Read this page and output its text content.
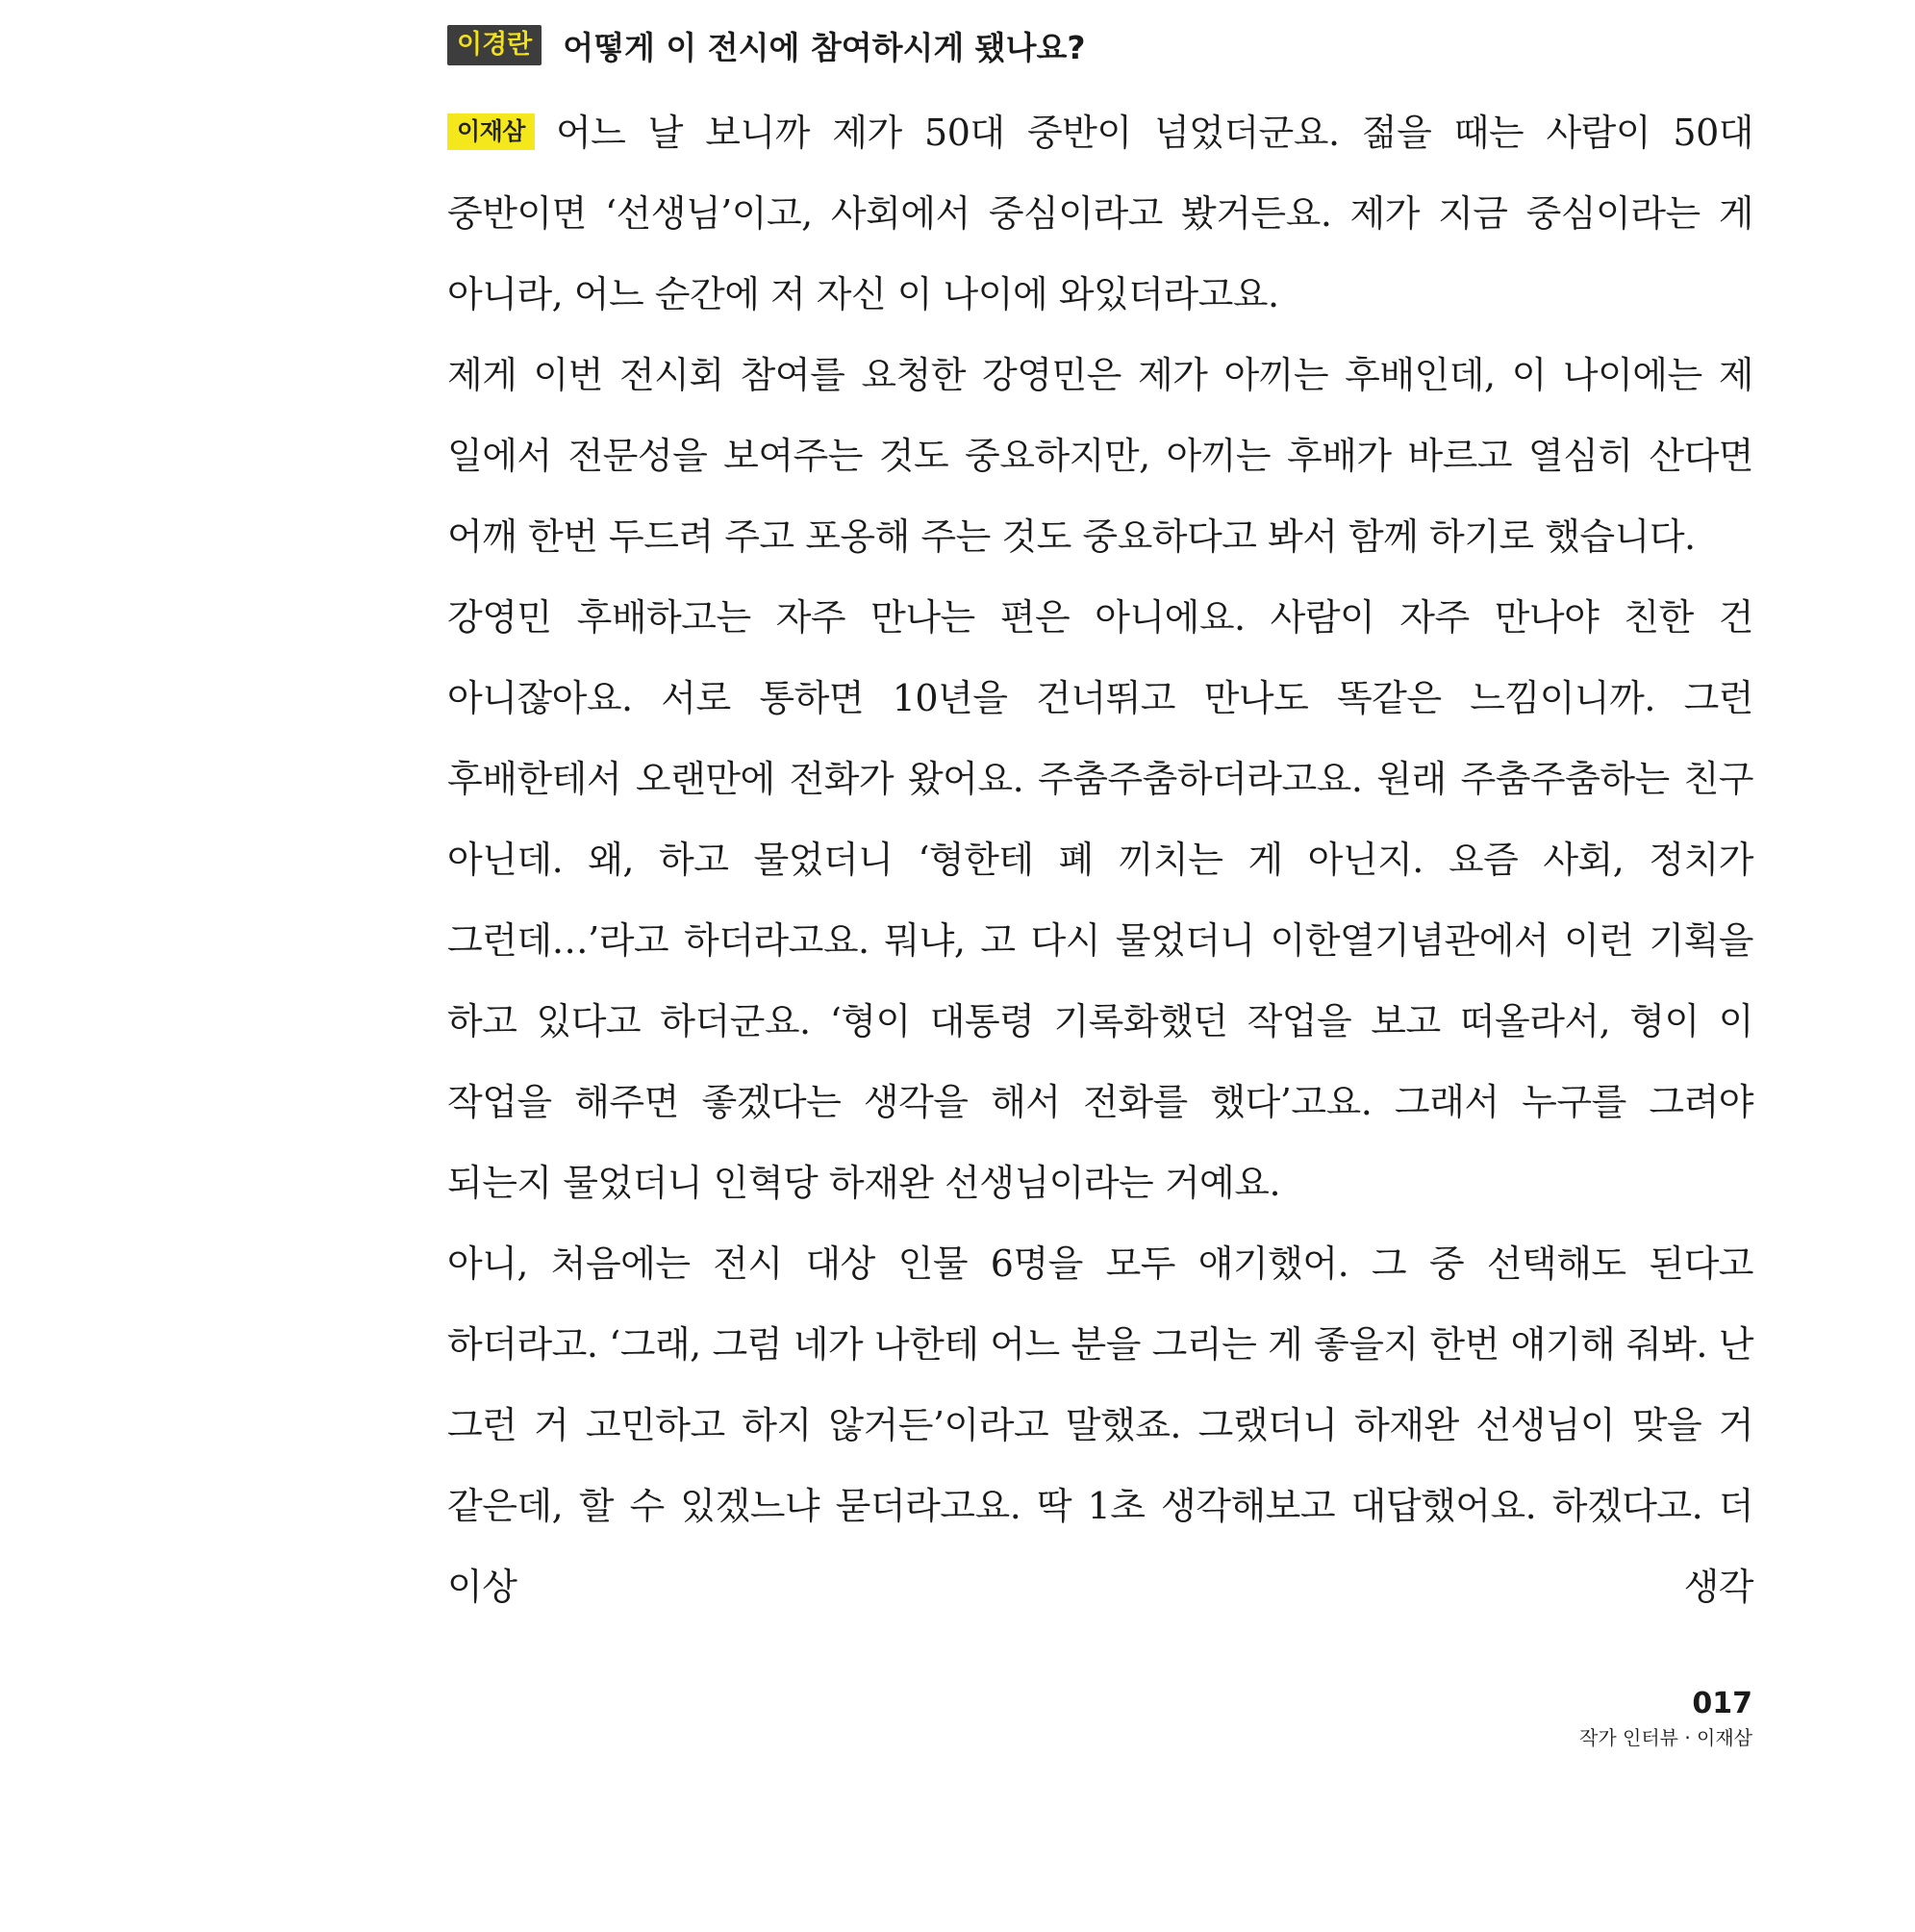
이경란 어떻게 이 전시에 참여하시게 됐나요?

이재삼 어느 날 보니까 제가 50대 중반이 넘었더군요. 젊을 때는 사람이 50대 중반이면 ‘선생님’이고, 사회에서 중심이라고 봤거든요. 제가 지금 중심이라는 게 아니라, 어느 순간에 저 자신 이 나이에 와있더라고요.

제게 이번 전시회 참여를 요청한 강영민은 제가 아끼는 후배인데, 이 나이에는 제 일에서 전문성을 보여주는 것도 중요하지만, 아끼는 후배가 바르고 열심히 산다면 어깨 한번 두드려 주고 포옹해 주는 것도 중요하다고 봐서 함께 하기로 했습니다.

강영민 후배하고는 자주 만나는 편은 아니에요. 사람이 자주 만나야 친한 건 아니잖아요. 서로 통하면 10년을 건너뛰고 만나도 똑같은 느낌이니까. 그런 후배한테서 오랜만에 전화가 왔어요. 주춤주춤하더라고요. 원래 주춤주춤하는 친구 아닌데. 왜, 하고 물었더니 ‘형한테 폐 끼치는 게 아닌지. 요즘 사회, 정치가 그런데…’라고 하더라고요. 뭐냐, 고 다시 물었더니 이한열기념관에서 이런 기획을 하고 있다고 하더군요. ‘형이 대통령 기록화했던 작업을 보고 떠올라서, 형이 이 작업을 해주면 좋겠다는 생각을 해서 전화를 했다’고요. 그래서 누구를 그려야 되는지 물었더니 인혁당 하재완 선생님이라는 거예요.

아니, 처음에는 전시 대상 인물 6명을 모두 얘기했어. 그 중 선택해도 된다고 하더라고. ‘그래, 그럼 네가 나한테 어느 분을 그리는 게 좋을지 한번 얘기해 줘봐. 난 그런 거 고민하고 하지 않거든’이라고 말했죠. 그랬더니 하재완 선생님이 맞을 거 같은데, 할 수 있겠느냐 묻더라고요. 딱 1초 생각해보고 대답했어요. 하겠다고. 더 이상 생각

017
작가 인터뷰 · 이재삼
